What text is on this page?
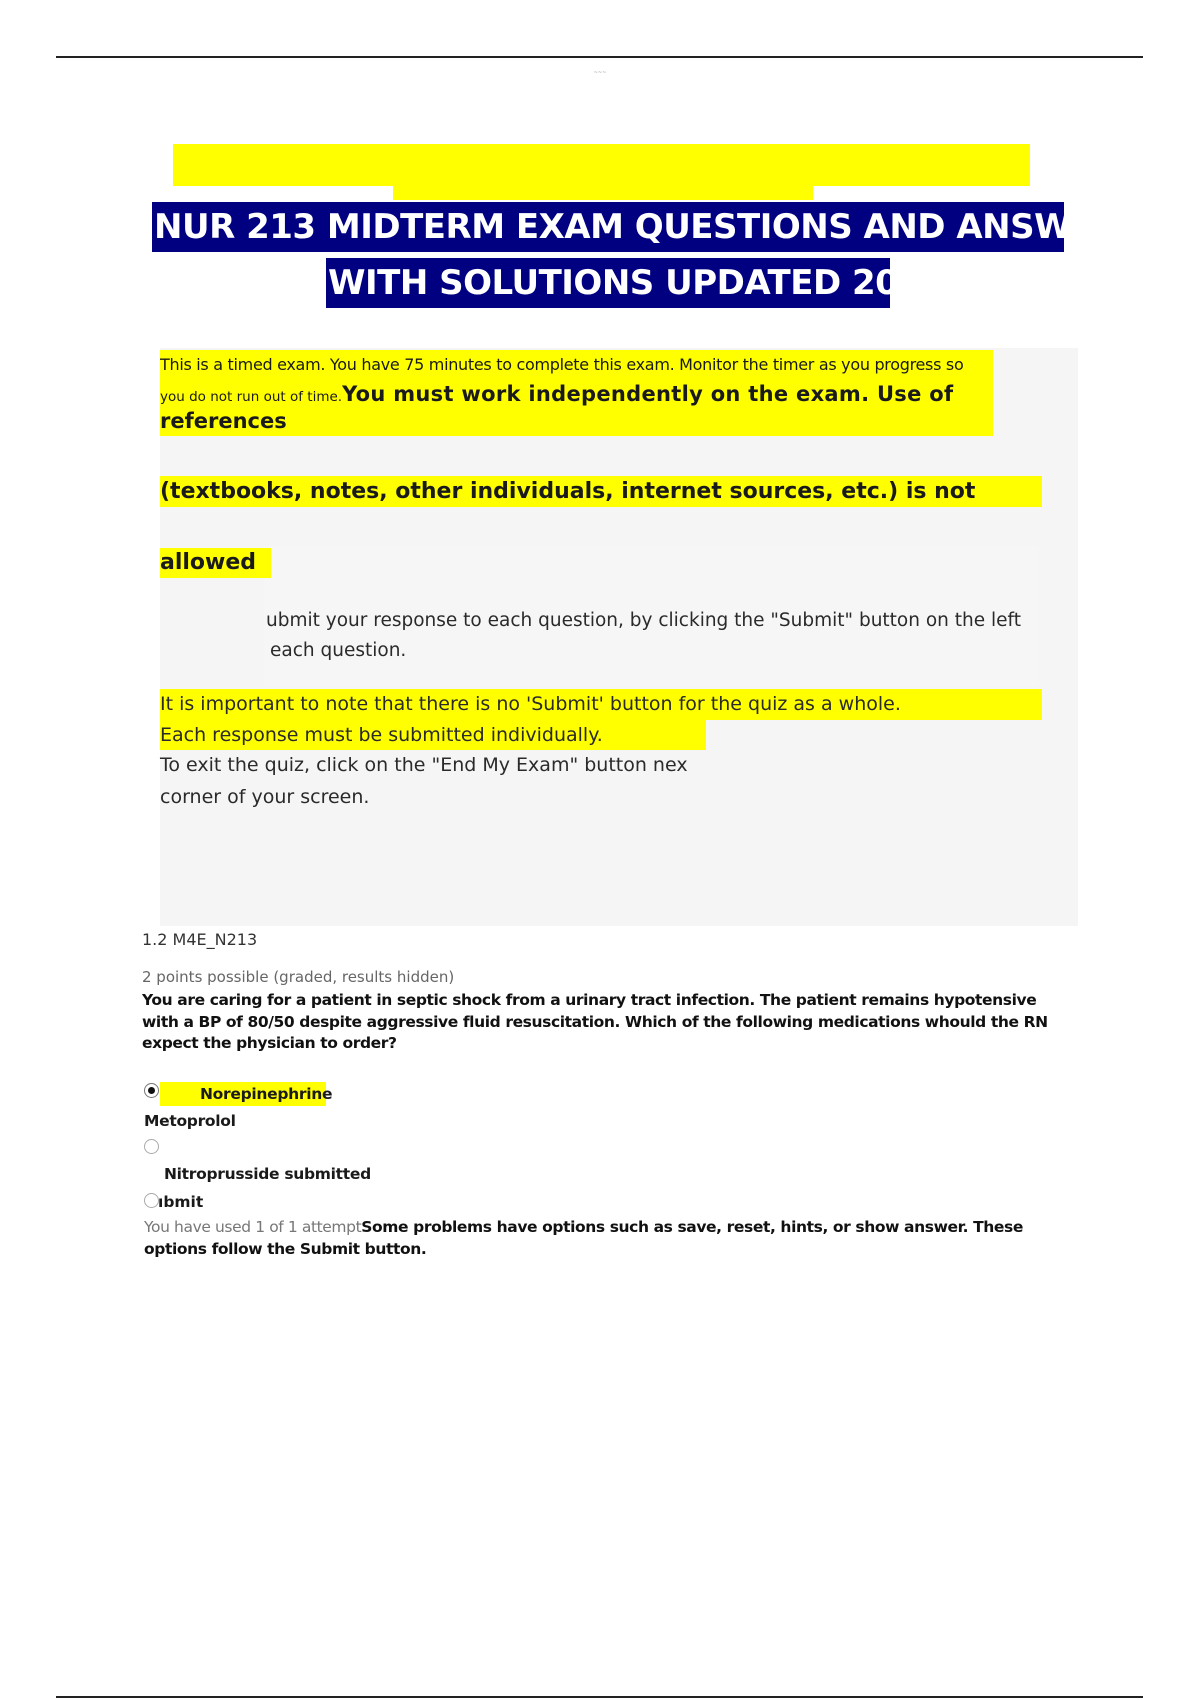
~~~
NUR 213 MIDTERM EXAM QUESTIONS AND ANSWERS
WITH SOLUTIONS UPDATED 2025
This is a timed exam. You have 75 minutes to complete this exam. Monitor the timer as you progress so
you do not run out of time.You must work independently on the exam. Use of
references
(textbooks, notes, other individuals, internet sources, etc.) is not
allowed
ubmit your response to each question, by clicking the "Submit" button on the left
each question.
It is important to note that there is no 'Submit' button for the quiz as a whole.
Each response must be submitted individually.
To exit the quiz, click on the "End My Exam" button nex
corner of your screen.
1.2 M4E_N213
2 points possible (graded, results hidden)
You are caring for a patient in septic shock from a urinary tract infection. The patient remains hypotensive with a BP of 80/50 despite aggressive fluid resuscitation. Which of the following medications whould the RN expect the physician to order?
Norepinephrine
Metoprolol
Nitroprusside submitted
ıbmit
You have used 1 of 1 attemptSome problems have options such as save, reset, hints, or show answer. These options follow the Submit button.
